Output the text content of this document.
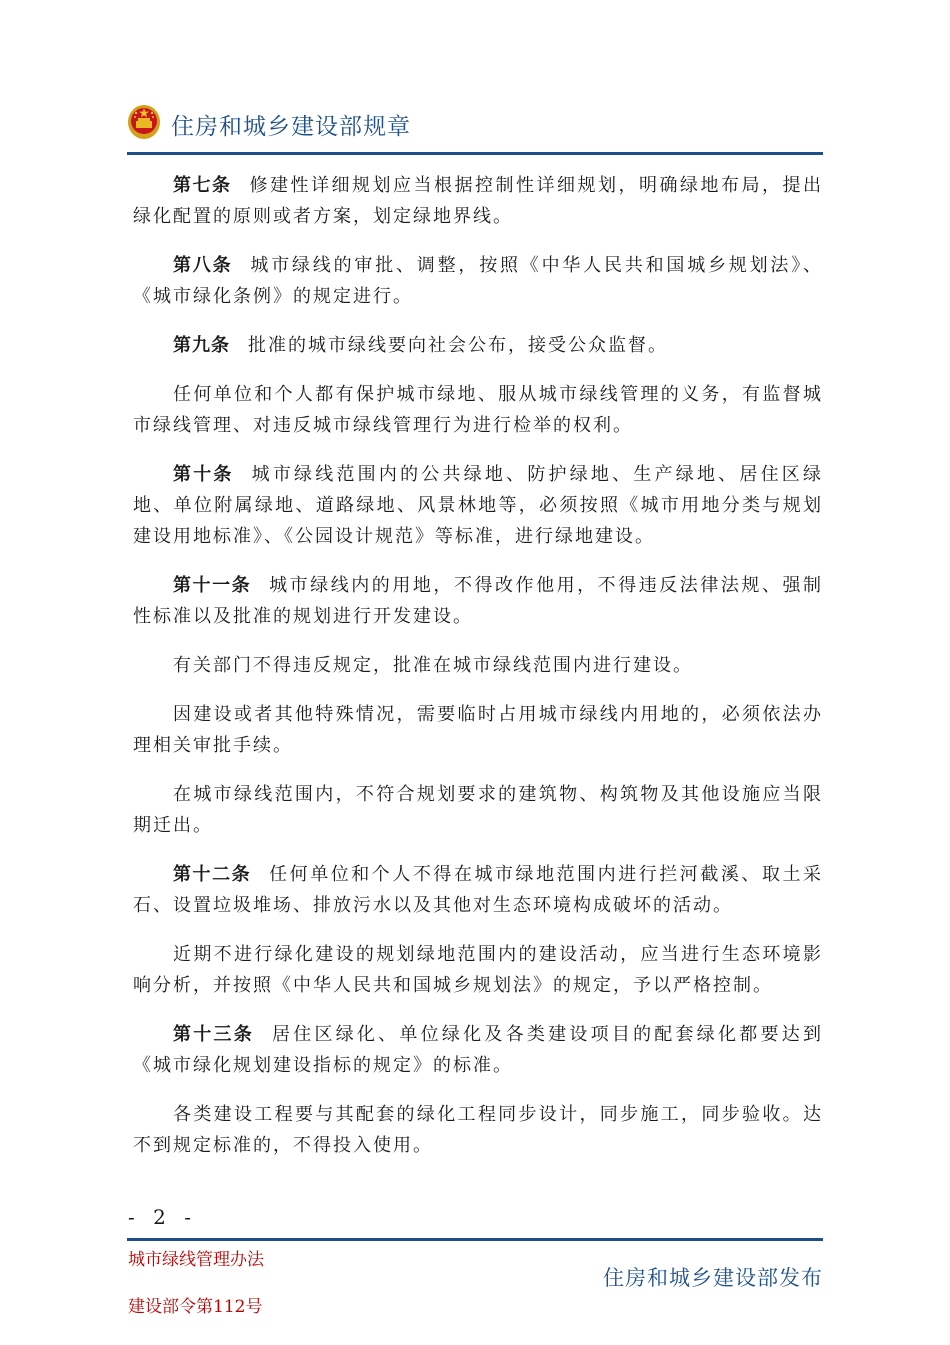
住房和城乡建设部规章

第七条 修建性详细规划应当根据控制性详细规划，明确绿地布局，提出绿化配置的原则或者方案，划定绿地界线。

第八条 城市绿线的审批、调整，按照《中华人民共和国城乡规划法》、《城市绿化条例》的规定进行。

第九条 批准的城市绿线要向社会公布，接受公众监督。

任何单位和个人都有保护城市绿地、服从城市绿线管理的义务，有监督城市绿线管理、对违反城市绿线管理行为进行检举的权利。

第十条 城市绿线范围内的公共绿地、防护绿地、生产绿地、居住区绿地、单位附属绿地、道路绿地、风景林地等，必须按照《城市用地分类与规划建设用地标准》、《公园设计规范》等标准，进行绿地建设。

第十一条 城市绿线内的用地，不得改作他用，不得违反法律法规、强制性标准以及批准的规划进行开发建设。

有关部门不得违反规定，批准在城市绿线范围内进行建设。

因建设或者其他特殊情况，需要临时占用城市绿线内用地的，必须依法办理相关审批手续。

在城市绿线范围内，不符合规划要求的建筑物、构筑物及其他设施应当限期迁出。

第十二条 任何单位和个人不得在城市绿地范围内进行拦河截溪、取土采石、设置垃圾堆场、排放污水以及其他对生态环境构成破坏的活动。

近期不进行绿化建设的规划绿地范围内的建设活动，应当进行生态环境影响分析，并按照《中华人民共和国城乡规划法》的规定，予以严格控制。

第十三条 居住区绿化、单位绿化及各类建设项目的配套绿化都要达到《城市绿化规划建设指标的规定》的标准。

各类建设工程要与其配套的绿化工程同步设计，同步施工，同步验收。达不到规定标准的，不得投入使用。

- 2 -
城市绿线管理办法
建设部令第112号
住房和城乡建设部发布
